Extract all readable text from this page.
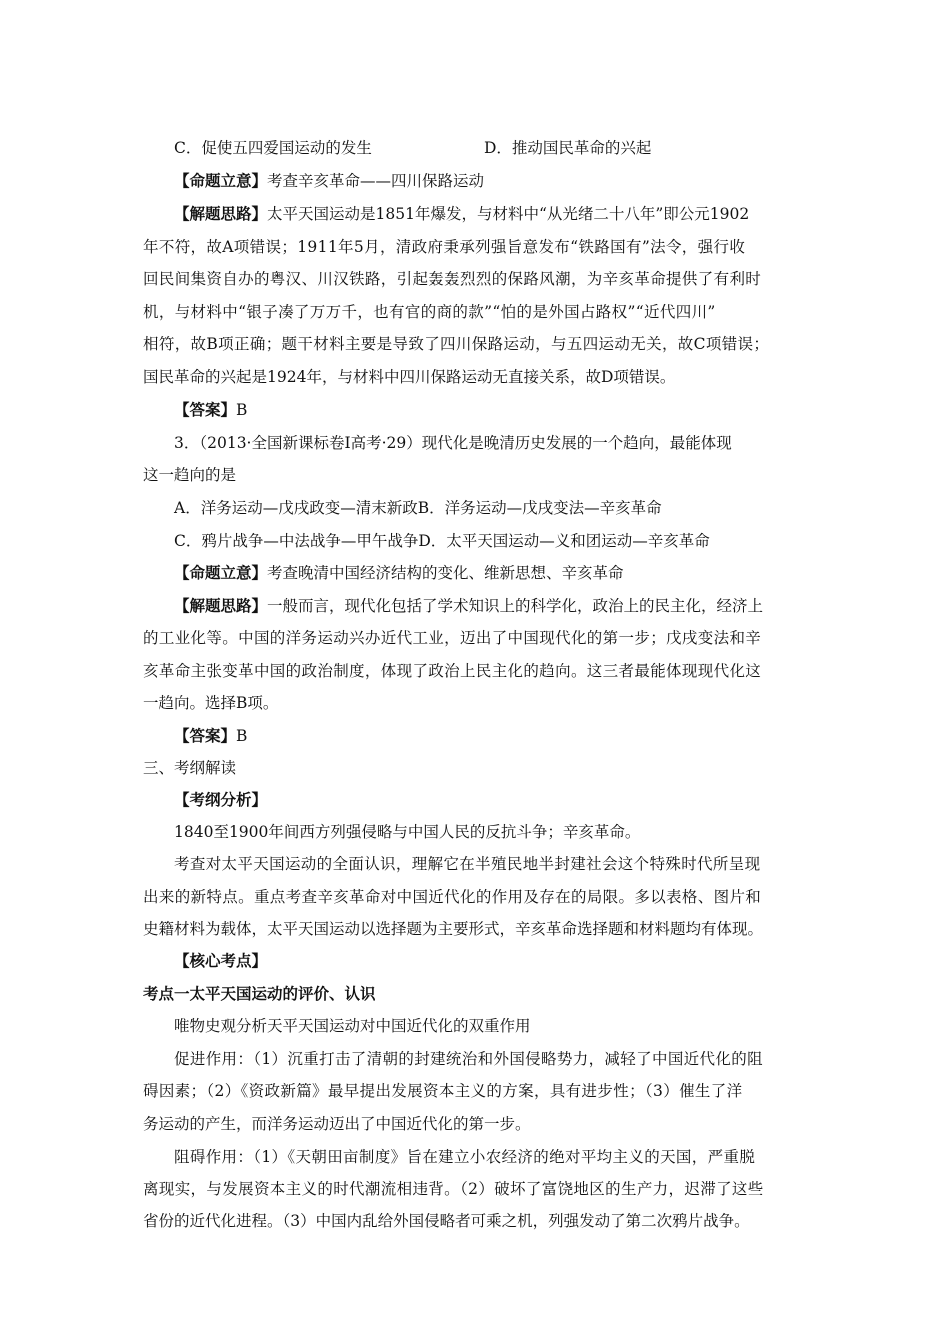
C．促使五四爱国运动的发生	D．推动国民革命的兴起
【命题立意】考查辛亥革命——四川保路运动
【解题思路】太平天国运动是1851年爆发，与材料中“从光绪二十八年”即公元1902
年不符，故A项错误；1911年5月，清政府秉承列强旨意发布“铁路国有”法令，强行收
回民间集资自办的粤汉、川汉铁路，引起轰轰烈烈的保路风潮，为辛亥革命提供了有利时
机，与材料中“银子凑了万万千，也有官的商的款”“怕的是外国占路权”“近代四川”
相符，故B项正确；题干材料主要是导致了四川保路运动，与五四运动无关，故C项错误；
国民革命的兴起是1924年，与材料中四川保路运动无直接关系，故D项错误。
【答案】B
3．（2013·全国新课标卷Ⅰ高考·29）现代化是晚清历史发展的一个趋向，最能体现
这一趋向的是
A．洋务运动—戊戌政变—清末新政B．洋务运动—戊戌变法—辛亥革命
C．鸦片战争—中法战争—甲午战争D．太平天国运动—义和团运动—辛亥革命
【命题立意】考查晚清中国经济结构的变化、维新思想、辛亥革命
【解题思路】一般而言，现代化包括了学术知识上的科学化，政治上的民主化，经济上
的工业化等。中国的洋务运动兴办近代工业，迈出了中国现代化的第一步；戊戌变法和辛
亥革命主张变革中国的政治制度，体现了政治上民主化的趋向。这三者最能体现现代化这
一趋向。选择B项。
【答案】B
三、考纲解读
【考纲分析】
1840至1900年间西方列强侵略与中国人民的反抗斗争；辛亥革命。
考查对太平天国运动的全面认识，理解它在半殖民地半封建社会这个特殊时代所呈现
出来的新特点。重点考查辛亥革命对中国近代化的作用及存在的局限。多以表格、图片和
史籍材料为载体，太平天国运动以选择题为主要形式，辛亥革命选择题和材料题均有体现。
【核心考点】
考点一太平天国运动的评价、认识
唯物史观分析天平天国运动对中国近代化的双重作用
促进作用：（1）沉重打击了清朝的封建统治和外国侵略势力，减轻了中国近代化的阻
碍因素；（2）《资政新篇》最早提出发展资本主义的方案，具有进步性；（3）催生了洋
务运动的产生，而洋务运动迈出了中国近代化的第一步。
阻碍作用：（1）《天朝田亩制度》旨在建立小农经济的绝对平均主义的天国，严重脱
离现实，与发展资本主义的时代潮流相违背。（2）破坏了富饶地区的生产力，迟滞了这些
省份的近代化进程。（3）中国内乱给外国侵略者可乘之机，列强发动了第二次鸦片战争。
